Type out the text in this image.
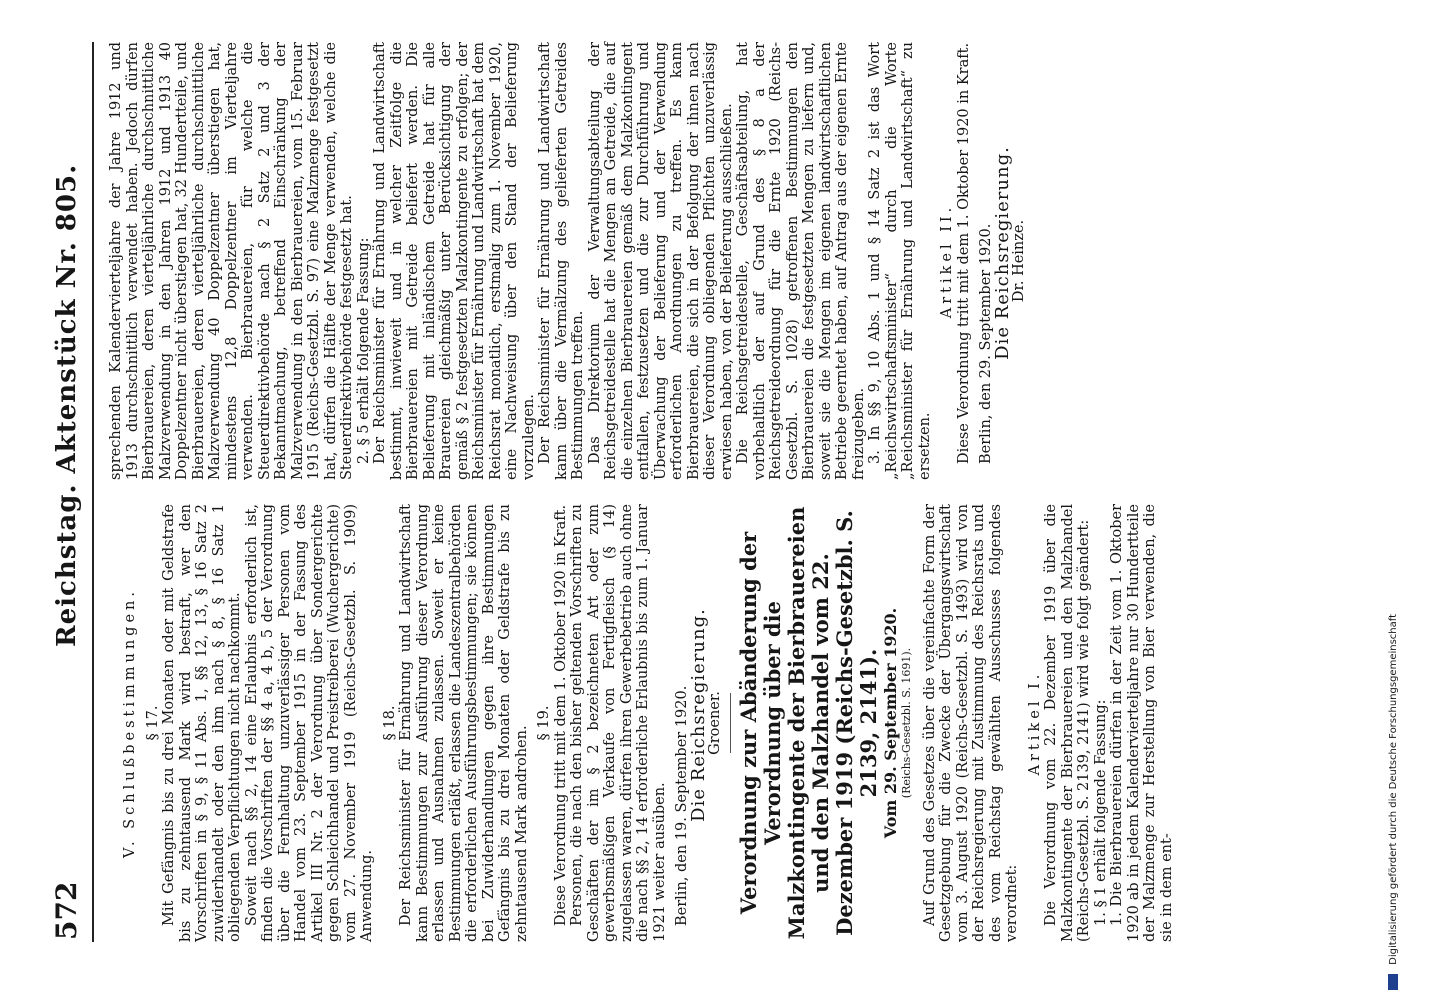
572
Reichstag. Aktenstück Nr. 805.

V. Schlußbestimmungen. § 17. Mit Gefängnis bis zu drei Monaten oder mit Geldstrafe bis zu zehntausend Mark wird bestraft, wer den Vorschriften in § 9, § 11 Abs. 1, §§ 12, 13, § 16 Satz 2 zuwiderhandelt oder den ihm nach § 8, § 16 Satz 1 obliegenden Verpflichtungen nicht nachkommt. Soweit nach §§ 2, 14 eine Erlaubnis erforderlich ist, finden die Vorschriften der §§ 4 a, 4 b, 5 der Verordnung über die Fernhaltung unzuverlässiger Personen vom Handel vom 23. September 1915 in der Fassung des Artikel III Nr. 2 der Verordnung über Sondergerichte gegen Schleichhandel und Preistreiberei (Wuchergerichte) vom 27. November 1919 (Reichs-Gesetzbl. S. 1909) Anwendung.

§ 18. Der Reichsminister für Ernährung und Landwirtschaft kann Bestimmungen zur Ausführung dieser Verordnung erlassen und Ausnahmen zulassen. Soweit er keine Bestimmungen erläßt, erlassen die Landeszentralbehörden die erforderlichen Ausführungsbestimmungen; sie können bei Zuwiderhandlungen gegen ihre Bestimmungen Gefängnis bis zu drei Monaten oder Geldstrafe bis zu zehntausend Mark androhen.

§ 19. Diese Verordnung tritt mit dem 1. Oktober 1920 in Kraft. Personen, die nach den bisher geltenden Vorschriften zu Geschäften der im § 2 bezeichneten Art oder zum gewerbsmäßigen Verkaufe von Fertigfleisch (§ 14) zugelassen waren, dürfen ihren Gewerbebetrieb auch ohne die nach §§ 2, 14 erforderliche Erlaubnis bis zum 1. Januar 1921 weiter ausüben. Berlin, den 19. September 1920.

Die Reichsregierung.

Groener. Verordnung zur Abänderung der Verordnung über die Malzkontingente der Bierbrauereien und den Malzhandel vom 22. Dezember 1919 (Reichs-Gesetzbl. S. 2139, 2141). Vom 29. September 1920. (Reichs-Gesetzbl. S. 1691). Auf Grund des Gesetzes über die vereinfachte Form der Gesetzgebung für die Zwecke der Übergangswirtschaft vom 3. August 1920 (Reichs-Gesetzbl. S. 1493) wird von der Reichsregierung mit Zustimmung des Reichsrats und des vom Reichstag gewählten Ausschusses folgendes verordnet:

Artikel I. Die Verordnung vom 22. Dezember 1919 über die Malzkontingente der Bierbrauereien und den Malzhandel (Reichs-Gesetzbl. S. 2139, 2141) wird wie folgt geändert: 1. § 1 erhält folgende Fassung: 1. Die Bierbrauereien dürfen in der Zeit vom 1. Oktober 1920 ab in jedem Kalendervierteljahre nur 30 Hundertteile der Malzmenge zur Herstellung von Bier verwenden, die sie in dem ent-

sprechenden Kalendervierteljahre der Jahre 1912 und 1913 durchschnittlich verwendet haben. Jedoch dürfen Bierbrauereien, deren vierteljährliche durchschnittliche Malzverwendung in den Jahren 1912 und 1913 40 Doppelzentner nicht überstiegen hat, 32 Hundertteile, und Bierbrauereien, deren vierteljährliche durchschnittliche Malzverwendung 40 Doppelzentner überstiegen hat, mindestens 12,8 Doppelzentner im Vierteljahre verwenden. Bierbrauereien, für welche die Steuerdirektivbehörde nach § 2 Satz 2 und 3 der Bekanntmachung, betreffend Einschränkung der Malzverwendung in den Bierbrauereien, vom 15. Februar 1915 (Reichs-Gesetzbl. S. 97) eine Malzmenge festgesetzt hat, dürfen die Hälfte der Menge verwenden, welche die Steuerdirektivbehörde festgesetzt hat. 2. § 5 erhält folgende Fassung: Der Reichsminister für Ernährung und Landwirtschaft bestimmt, inwieweit und in welcher Zeitfolge die Bierbrauereien mit Getreide beliefert werden. Die Belieferung mit inländischem Getreide hat für alle Brauereien gleichmäßig unter Berücksichtigung der gemäß § 2 festgesetzten Malzkontingente zu erfolgen; der Reichsminister für Ernährung und Landwirtschaft hat dem Reichsrat monatlich, erstmalig zum 1. November 1920, eine Nachweisung über den Stand der Belieferung vorzulegen. Der Reichsminister für Ernährung und Landwirtschaft kann über die Vermälzung des gelieferten Getreides Bestimmungen treffen. Das Direktorium der Verwaltungsabteilung der Reichsgetreidestelle hat die Mengen an Getreide, die auf die einzelnen Bierbrauereien gemäß dem Malzkontingent entfallen, festzusetzen und die zur Durchführung und Überwachung der Belieferung und der Verwendung erforderlichen Anordnungen zu treffen. Es kann Bierbrauereien, die sich in der Befolgung der ihnen nach dieser Verordnung obliegenden Pflichten unzuverlässig erwiesen haben, von der Belieferung ausschließen. Die Reichsgetreidestelle, Geschäftsabteilung, hat vorbehaltlich der auf Grund des § 8 a der Reichsgetreideordnung für die Ernte 1920 (Reichs-Gesetzbl. S. 1028) getroffenen Bestimmungen den Bierbrauereien die festgesetzten Mengen zu liefern und, soweit sie die Mengen im eigenen landwirtschaftlichen Betriebe geerntet haben, auf Antrag aus der eigenen Ernte freizugeben. 3. In §§ 9, 10 Abs. 1 und § 14 Satz 2 ist das Wort „Reichswirtschaftsminister“ durch die Worte „Reichsminister für Ernährung und Landwirtschaft“ zu ersetzen.

Artikel II. Diese Verordnung tritt mit dem 1. Oktober 1920 in Kraft. Berlin, den 29. September 1920.

Die Reichsregierung.

Dr. Heinze.

Digitalisierung gefördert durch die Deutsche Forschungsgemeinschaft
